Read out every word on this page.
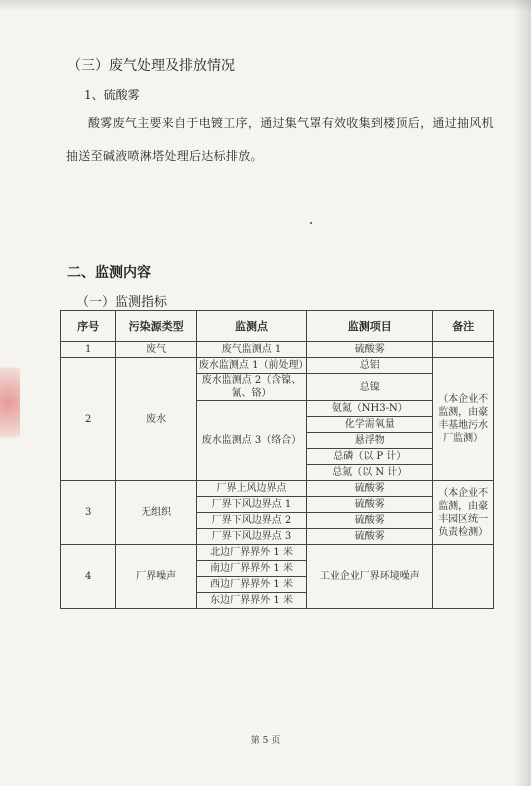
（三）废气处理及排放情况
1、硫酸雾
酸雾废气主要来自于电镀工序，通过集气罩有效收集到楼顶后，通过抽风机抽送至碱液喷淋塔处理后达标排放。
二、监测内容
（一）监测指标
序号	污染源类型	监测点	监测项目	备注
1	废气	废气监测点 1	硫酸雾	
2	废水	废水监测点 1（前处理）	总铝	（本企业不监测，由豪丰基地污水厂监测）
		废水监测点 2（含镍、氰、铬）	总镍	

		废水监测点 3（络合）	氨氮（NH3-N）	
			化学需氧量	
			悬浮物	
			总磷（以 P 计）	
			总氮（以 N 计）	
3	无组织	厂界上风边界点	硫酸雾	（本企业不监测，由豪丰园区统一负责检测）
		厂界下风边界点 1	硫酸雾	
		厂界下风边界点 2	硫酸雾	
		厂界下风边界点 3	硫酸雾	
4	厂界噪声	北边厂界界外 1 米	工业企业厂界环境噪声	
		南边厂界界外 1 米		
		西边厂界界外 1 米		
		东边厂界界外 1 米		
第 5 页
